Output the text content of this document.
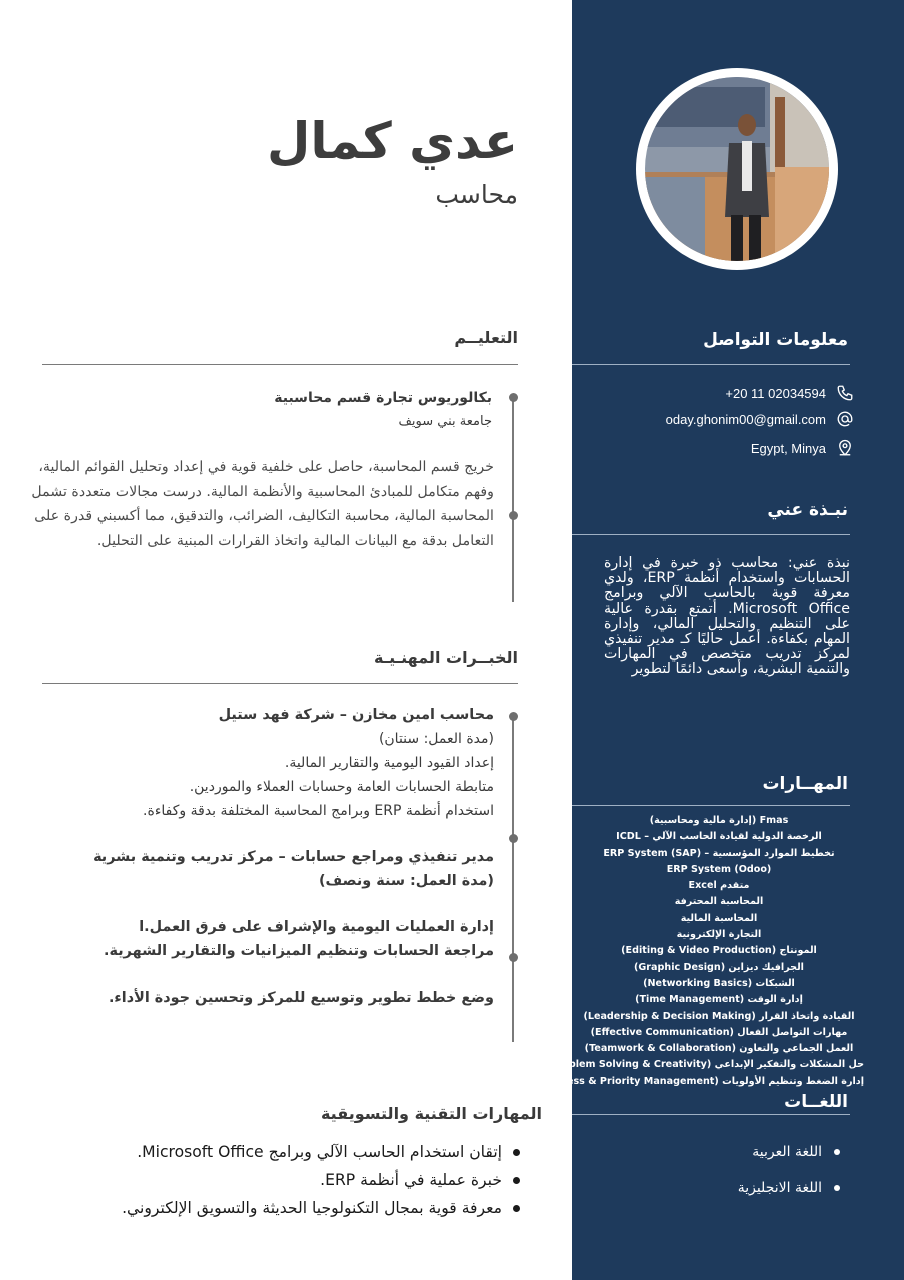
معلومات التواصل
+20 11 02034594
oday.ghonim00@gmail.com
Egypt, Minya
نبـذة عني
نبذة عني: محاسب ذو خبرة في إدارة الحسابات واستخدام أنظمة ERP، ولدي معرفة قوية بالحاسب الآلي وبرامج Microsoft Office. أتمتع بقدرة عالية على التنظيم والتحليل المالي، وإدارة المهام بكفاءة. أعمل حاليًا كـ مدير تنفيذي لمركز تدريب متخصص في المهارات والتنمية البشرية، وأسعى دائمًا لتطوير
المهــارات
Fmas (إدارة مالية ومحاسبية)
الرخصة الدولية لقيادة الحاسب الآلي – ICDL
تخطيط الموارد المؤسسية – ERP System (SAP)
ERP System (Odoo)
متقدم Excel
المحاسبة المحترفة
المحاسبة المالية
التجارة الإلكترونية
المونتاج (Editing & Video Production)
الجرافيك ديزاين (Graphic Design)
الشبكات (Networking Basics)
إدارة الوقت (Time Management)
القيادة واتخاذ القرار (Leadership & Decision Making)
مهارات التواصل الفعال (Effective Communication)
العمل الجماعي والتعاون (Teamwork & Collaboration)
حل المشكلات والتفكير الإبداعي (Problem Solving & Creativity)
إدارة الضغط وتنظيم الأولويات (Stress & Priority Management)
اللغــات
اللغة العربية
اللغة الانجليزية
عدي كمال
محاسب
التعليــم
بكالوريوس تجارة قسم محاسبية
جامعة بني سويف
خريج قسم المحاسبة، حاصل على خلفية قوية في إعداد وتحليل القوائم المالية، وفهم متكامل للمبادئ المحاسبية والأنظمة المالية. درست مجالات متعددة تشمل المحاسبة المالية، محاسبة التكاليف، الضرائب، والتدقيق، مما أكسبني قدرة على التعامل بدقة مع البيانات المالية واتخاذ القرارات المبنية على التحليل.
الخبــرات المهنـيـة
محاسب امين مخازن – شركة فهد ستيل
(مدة العمل: سنتان)
إعداد القيود اليومية والتقارير المالية.
متابطة الحسابات العامة وحسابات العملاء والموردين.
استخدام أنظمة ERP وبرامج المحاسبة المختلفة بدقة وكفاءة.
مدير تنفيذي ومراجع حسابات – مركز تدريب وتنمية بشرية
(مدة العمل: سنة ونصف)
إدارة العمليات اليومية والإشراف على فرق العمل.ا
مراجعة الحسابات وتنظيم الميزانيات والتقارير الشهرية.
وضع خطط تطوير وتوسيع للمركز وتحسين جودة الأداء.
المهارات التقنية والتسويقية
إتقان استخدام الحاسب الآلي وبرامج Microsoft Office.
خبرة عملية في أنظمة ERP.
معرفة قوية بمجال التكنولوجيا الحديثة والتسويق الإلكتروني.
